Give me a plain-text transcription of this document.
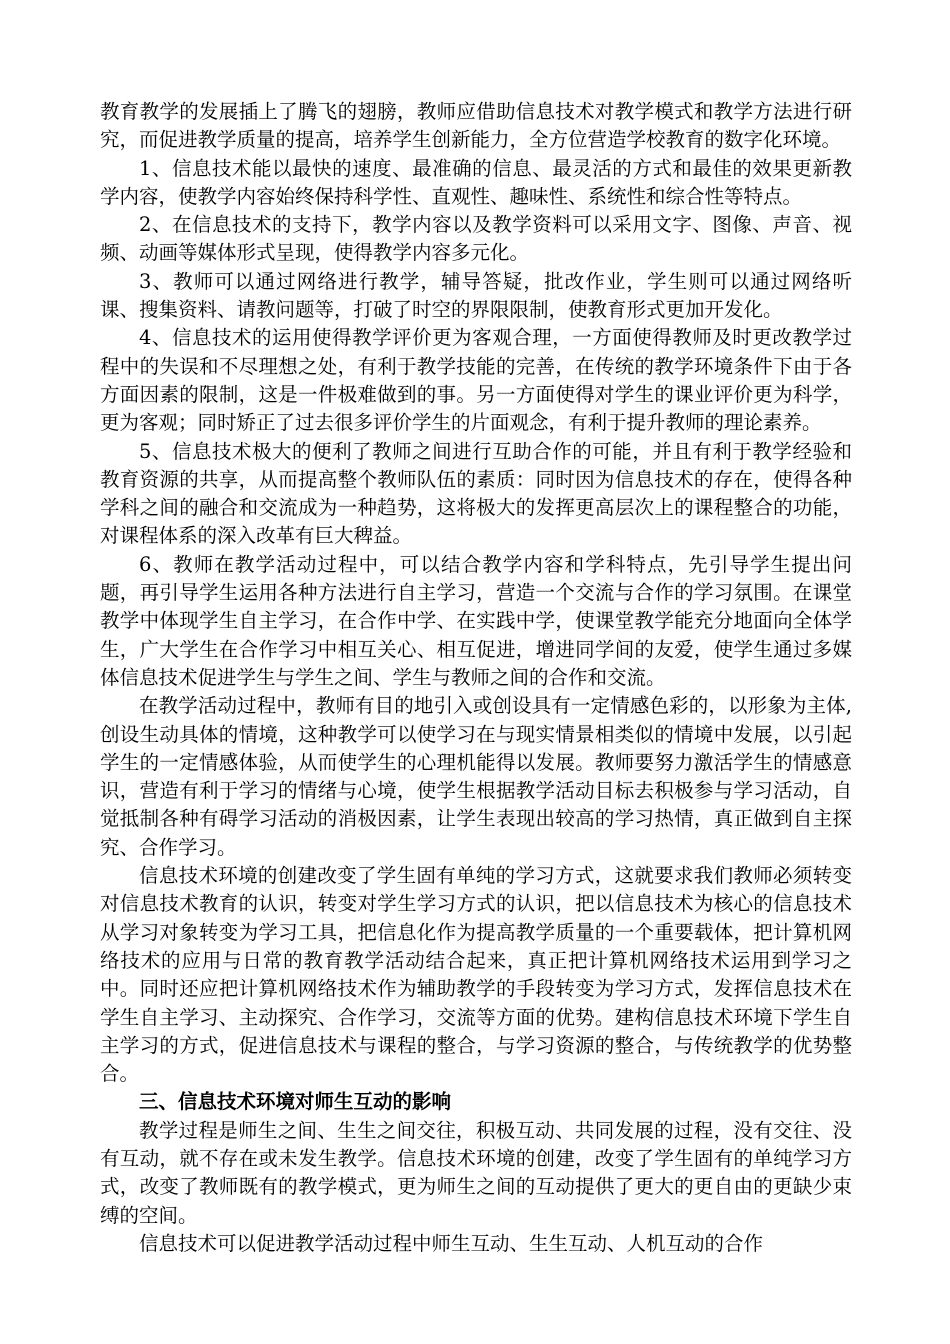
教育教学的发展插上了腾飞的翅膀，教师应借助信息技术对教学模式和教学方法进行研究，而促进教学质量的提高，培养学生创新能力，全方位营造学校教育的数字化环境。

1、信息技术能以最快的速度、最准确的信息、最灵活的方式和最佳的效果更新教学内容，使教学内容始终保持科学性、直观性、趣味性、系统性和综合性等特点。

2、在信息技术的支持下，教学内容以及教学资料可以采用文字、图像、声音、视频、动画等媒体形式呈现，使得教学内容多元化。

3、教师可以通过网络进行教学，辅导答疑，批改作业，学生则可以通过网络听课、搜集资料、请教问题等，打破了时空的界限限制，使教育形式更加开发化。

4、信息技术的运用使得教学评价更为客观合理，一方面使得教师及时更改教学过程中的失误和不尽理想之处，有利于教学技能的完善，在传统的教学环境条件下由于各方面因素的限制，这是一件极难做到的事。另一方面使得对学生的课业评价更为科学，更为客观；同时矫正了过去很多评价学生的片面观念，有利于提升教师的理论素养。

5、信息技术极大的便利了教师之间进行互助合作的可能，并且有利于教学经验和教育资源的共享，从而提高整个教师队伍的素质：同时因为信息技术的存在，使得各种学科之间的融合和交流成为一种趋势，这将极大的发挥更高层次上的课程整合的功能，对课程体系的深入改革有巨大稗益。

6、教师在教学活动过程中，可以结合教学内容和学科特点，先引导学生提出问题，再引导学生运用各种方法进行自主学习，营造一个交流与合作的学习氛围。在课堂教学中体现学生自主学习，在合作中学、在实践中学，使课堂教学能充分地面向全体学生，广大学生在合作学习中相互关心、相互促进，增进同学间的友爱，使学生通过多媒体信息技术促进学生与学生之间、学生与教师之间的合作和交流。

在教学活动过程中，教师有目的地引入或创设具有一定情感色彩的，以形象为主体,创设生动具体的情境，这种教学可以使学习在与现实情景相类似的情境中发展，以引起学生的一定情感体验，从而使学生的心理机能得以发展。教师要努力激活学生的情感意识，营造有利于学习的情绪与心境，使学生根据教学活动目标去积极参与学习活动，自觉抵制各种有碍学习活动的消极因素，让学生表现出较高的学习热情，真正做到自主探究、合作学习。

信息技术环境的创建改变了学生固有单纯的学习方式，这就要求我们教师必须转变对信息技术教育的认识，转变对学生学习方式的认识，把以信息技术为核心的信息技术从学习对象转变为学习工具，把信息化作为提高教学质量的一个重要载体，把计算机网络技术的应用与日常的教育教学活动结合起来，真正把计算机网络技术运用到学习之中。同时还应把计算机网络技术作为辅助教学的手段转变为学习方式，发挥信息技术在学生自主学习、主动探究、合作学习，交流等方面的优势。建构信息技术环境下学生自主学习的方式，促进信息技术与课程的整合，与学习资源的整合，与传统教学的优势整合。

三、信息技术环境对师生互动的影响

教学过程是师生之间、生生之间交往，积极互动、共同发展的过程，没有交往、没有互动，就不存在或未发生教学。信息技术环境的创建，改变了学生固有的单纯学习方式，改变了教师既有的教学模式，更为师生之间的互动提供了更大的更自由的更缺少束缚的空间。

信息技术可以促进教学活动过程中师生互动、生生互动、人机互动的合作
